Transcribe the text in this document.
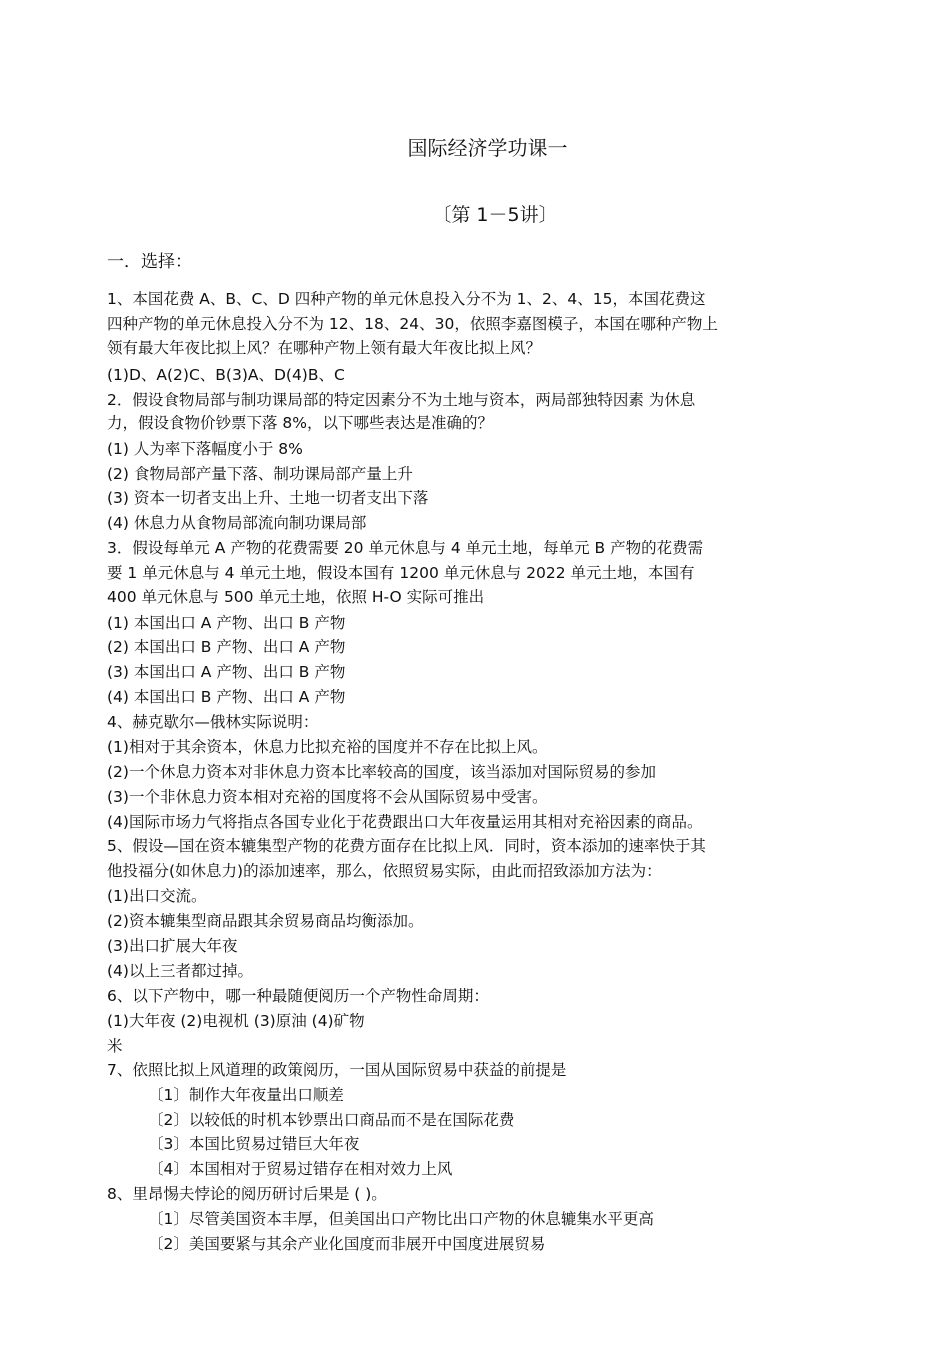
国际经济学功课一
〔第 1－5讲〕
一．选择：
1、本国花费 A、B、C、D 四种产物的单元休息投入分不为 1、2、4、15，本国花费这
四种产物的单元休息投入分不为 12、18、24、30，依照李嘉图模子，本国在哪种产物上
领有最大年夜比拟上风？在哪种产物上领有最大年夜比拟上风？
(1)D、A(2)C、B(3)A、D(4)B、C
2．假设食物局部与制功课局部的特定因素分不为土地与资本，两局部独特因素 为休息
力，假设食物价钞票下落 8%，以下哪些表达是准确的？
(1) 人为率下落幅度小于 8%
(2) 食物局部产量下落、制功课局部产量上升
(3) 资本一切者支出上升、土地一切者支出下落
(4) 休息力从食物局部流向制功课局部
3．假设每单元 A 产物的花费需要 20 单元休息与 4 单元土地，每单元 B 产物的花费需
要 1 单元休息与 4 单元土地，假设本国有 1200 单元休息与 2022 单元土地，本国有
400 单元休息与 500 单元土地，依照 H-O 实际可推出
(1) 本国出口 A 产物、出口 B 产物
(2) 本国出口 B 产物、出口 A 产物
(3) 本国出口 A 产物、出口 B 产物
(4) 本国出口 B 产物、出口 A 产物
4、赫克歇尔—俄林实际说明：
(1)相对于其余资本，休息力比拟充裕的国度并不存在比拟上风。
(2)一个休息力资本对非休息力资本比率较高的国度，该当添加对国际贸易的参加
(3)一个非休息力资本相对充裕的国度将不会从国际贸易中受害。
(4)国际市场力气将指点各国专业化于花费跟出口大年夜量运用其相对充裕因素的商品。
5、假设—国在资本辘集型产物的花费方面存在比拟上风．同时，资本添加的速率快于其
他投福分(如休息力)的添加速率，那么，依照贸易实际，由此而招致添加方法为：
(1)出口交流。
(2)资本辘集型商品跟其余贸易商品均衡添加。
(3)出口扩展大年夜
(4)以上三者都过掉。
6、以下产物中，哪一种最随便阅历一个产物性命周期：
(1)大年夜 (2)电视机 (3)原油 (4)矿物
米
7、依照比拟上风道理的政策阅历，一国从国际贸易中获益的前提是
〔1〕制作大年夜量出口顺差
〔2〕以较低的时机本钞票出口商品而不是在国际花费
〔3〕本国比贸易过错巨大年夜
〔4〕本国相对于贸易过错存在相对效力上风
8、里昂惕夫悖论的阅历研讨后果是 ( )。
〔1〕尽管美国资本丰厚，但美国出口产物比出口产物的休息辘集水平更高
〔2〕美国要紧与其余产业化国度而非展开中国度进展贸易
